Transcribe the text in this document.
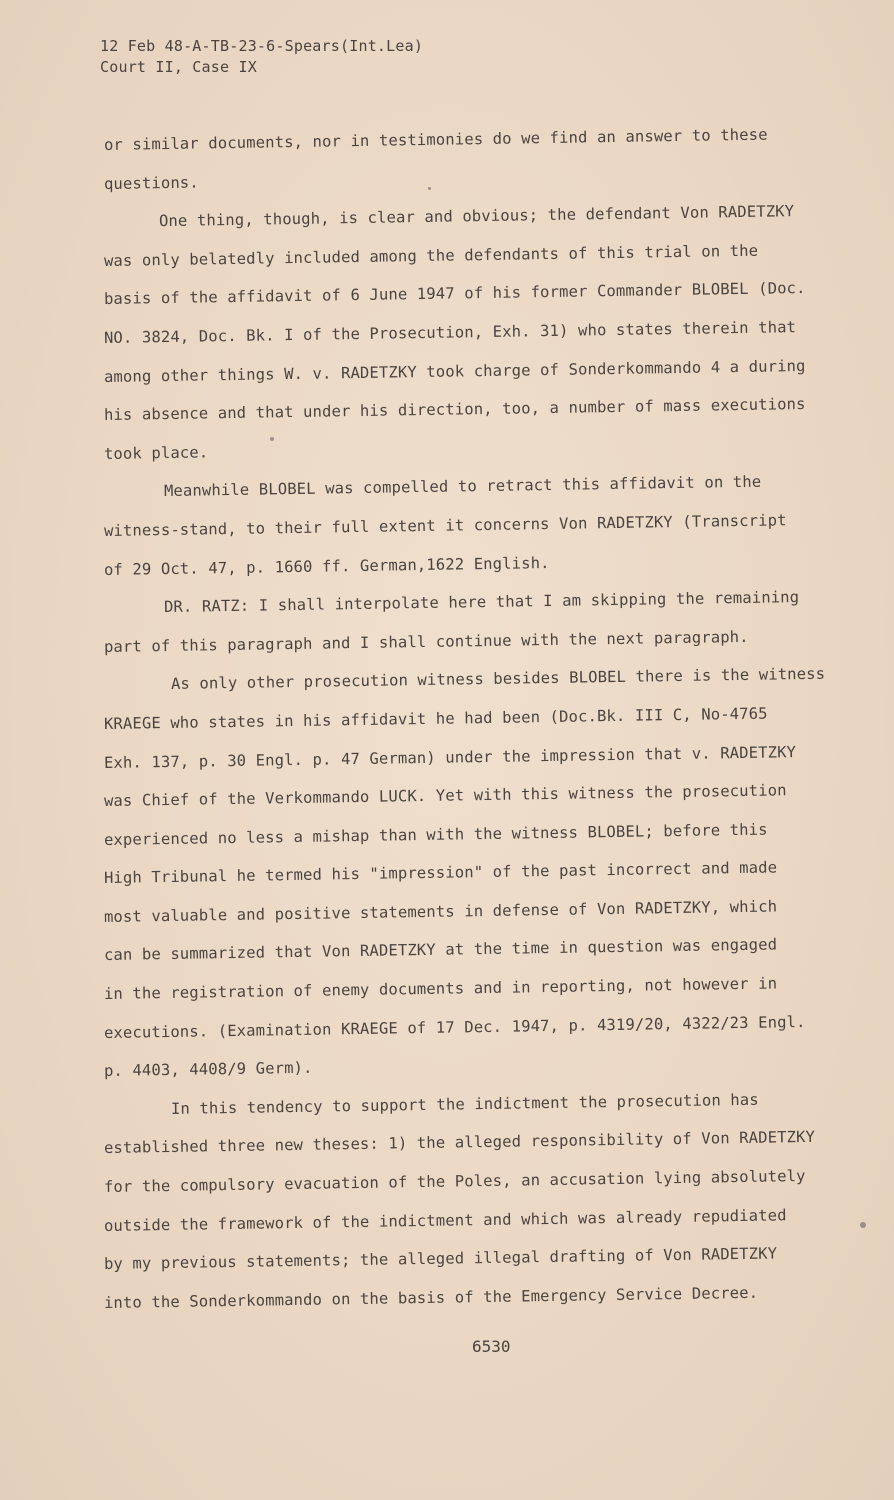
12 Feb 48-A-TB-23-6-Spears(Int.Lea)
Court II, Case IX
or similar documents, nor in testimonies do we find an answer to these
questions.
One thing, though, is clear and obvious; the defendant Von RADETZKY
was only belatedly included among the defendants of this trial on the
basis of the affidavit of 6 June 1947 of his former Commander BLOBEL (Doc.
NO. 3824, Doc. Bk. I of the Prosecution, Exh. 31) who states therein that
among other things W. v. RADETZKY took charge of Sonderkommando 4 a during
his absence and that under his direction, too, a number of mass executions
took place.
Meanwhile BLOBEL was compelled to retract this affidavit on the
witness-stand, to their full extent it concerns Von RADETZKY (Transcript
of 29 Oct. 47, p. 1660 ff. German,1622 English.
DR. RATZ: I shall interpolate here that I am skipping the remaining
part of this paragraph and I shall continue with the next paragraph.
As only other prosecution witness besides BLOBEL there is the witness
KRAEGE who states in his affidavit he had been (Doc.Bk. III C, No-4765
Exh. 137, p. 30 Engl. p. 47 German) under the impression that v. RADETZKY
was Chief of the Verkommando LUCK. Yet with this witness the prosecution
experienced no less a mishap than with the witness BLOBEL; before this
High Tribunal he termed his "impression" of the past incorrect and made
most valuable and positive statements in defense of Von RADETZKY, which
can be summarized that Von RADETZKY at the time in question was engaged
in the registration of enemy documents and in reporting, not however in
executions. (Examination KRAEGE of 17 Dec. 1947, p. 4319/20, 4322/23 Engl.
p. 4403, 4408/9 Germ).
In this tendency to support the indictment the prosecution has
established three new theses: 1) the alleged responsibility of Von RADETZKY
for the compulsory evacuation of the Poles, an accusation lying absolutely
outside the framework of the indictment and which was already repudiated
by my previous statements; the alleged illegal drafting of Von RADETZKY
into the Sonderkommando on the basis of the Emergency Service Decree.
6530
